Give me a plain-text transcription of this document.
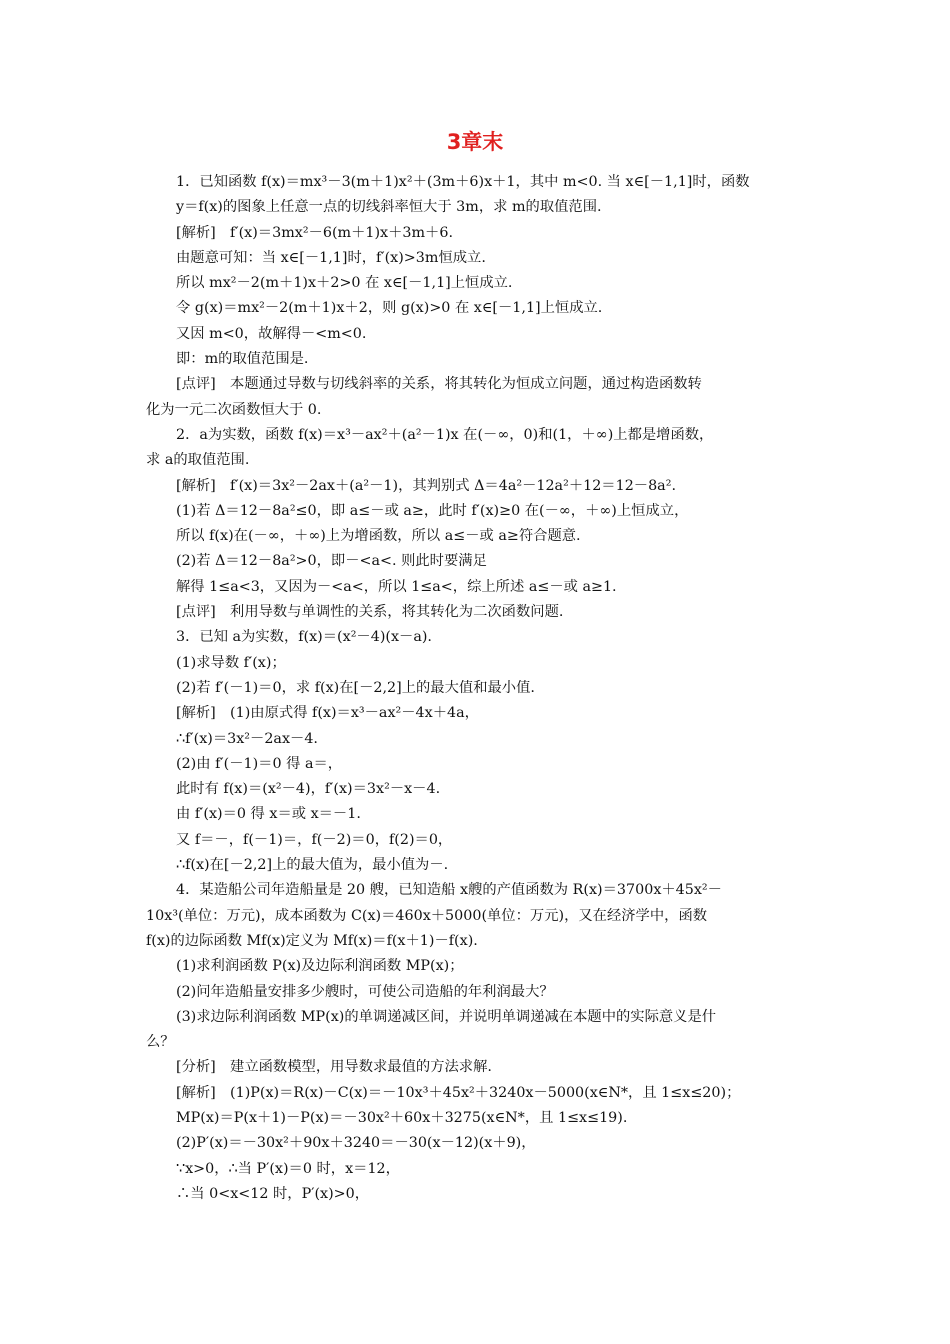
3章末

1．已知函数 f(x)＝mx³－3(m＋1)x²＋(3m＋6)x＋1，其中 m<0. 当 x∈[－1,1]时，函数

y＝f(x)的图象上任意一点的切线斜率恒大于 3m，求 m的取值范围.

[解析]　f′(x)＝3mx²－6(m＋1)x＋3m＋6.

由题意可知：当 x∈[－1,1]时，f′(x)>3m恒成立.

所以 mx²－2(m＋1)x＋2>0 在 x∈[－1,1]上恒成立.

令 g(x)＝mx²－2(m＋1)x＋2，则 g(x)>0 在 x∈[－1,1]上恒成立.

又因 m<0，故解得－<m<0.

即：m的取值范围是.

[点评]　本题通过导数与切线斜率的关系，将其转化为恒成立问题，通过构造函数转

化为一元二次函数恒大于 0.

2．a为实数，函数 f(x)＝x³－ax²＋(a²－1)x 在(－∞，0)和(1，＋∞)上都是增函数，

求 a的取值范围.

[解析]　f′(x)＝3x²－2ax＋(a²－1)，其判别式 Δ＝4a²－12a²＋12＝12－8a².

(1)若 Δ＝12－8a²≤0，即 a≤－或 a≥，此时 f′(x)≥0 在(－∞，＋∞)上恒成立，

所以 f(x)在(－∞，＋∞)上为增函数，所以 a≤－或 a≥符合题意.

(2)若 Δ＝12－8a²>0，即－<a<. 则此时要满足

解得 1≤a<3，又因为－<a<，所以 1≤a<，综上所述 a≤－或 a≥1.

[点评]　利用导数与单调性的关系，将其转化为二次函数问题.

3．已知 a为实数，f(x)＝(x²－4)(x－a).

(1)求导数 f′(x)；

(2)若 f′(－1)＝0，求 f(x)在[－2,2]上的最大值和最小值.

[解析]　(1)由原式得 f(x)＝x³－ax²－4x＋4a，

∴f′(x)＝3x²－2ax－4.

(2)由 f′(－1)＝0 得 a＝，

此时有 f(x)＝(x²－4)，f′(x)＝3x²－x－4.

由 f′(x)＝0 得 x＝或 x＝－1.

又 f＝－，f(－1)＝，f(－2)＝0，f(2)＝0，

∴f(x)在[－2,2]上的最大值为，最小值为－.

4．某造船公司年造船量是 20 艘，已知造船 x艘的产值函数为 R(x)＝3700x＋45x²－

10x³(单位：万元)，成本函数为 C(x)＝460x＋5000(单位：万元)，又在经济学中，函数

f(x)的边际函数 Mf(x)定义为 Mf(x)＝f(x＋1)－f(x).

(1)求利润函数 P(x)及边际利润函数 MP(x)；

(2)问年造船量安排多少艘时，可使公司造船的年利润最大？

(3)求边际利润函数 MP(x)的单调递减区间，并说明单调递减在本题中的实际意义是什

么？

[分析]　建立函数模型，用导数求最值的方法求解.

[解析]　(1)P(x)＝R(x)－C(x)＝－10x³＋45x²＋3240x－5000(x∈N*，且 1≤x≤20)；

MP(x)＝P(x＋1)－P(x)＝－30x²＋60x＋3275(x∈N*，且 1≤x≤19).

(2)P′(x)＝－30x²＋90x＋3240＝－30(x－12)(x＋9)，

∵x>0，∴当 P′(x)＝0 时，x＝12，

∴当 0<x<12 时，P′(x)>0，
